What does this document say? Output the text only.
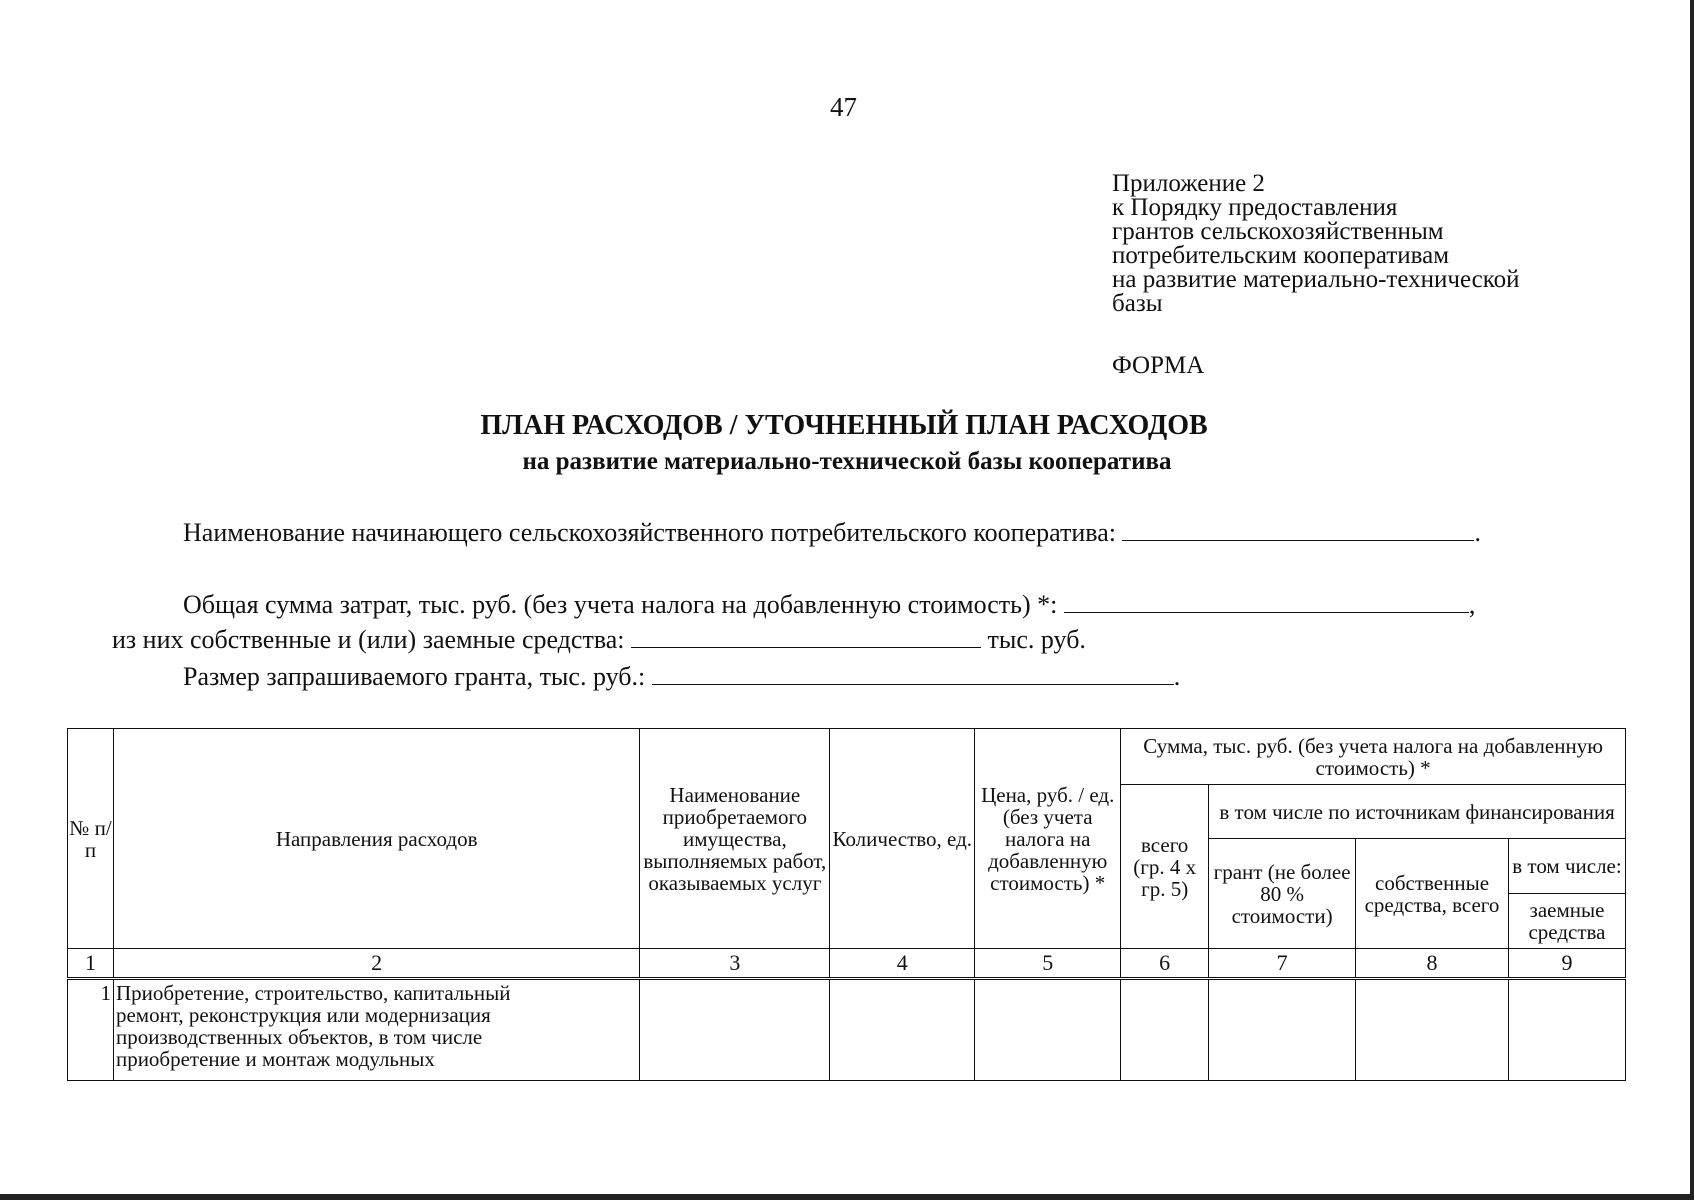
47
Приложение 2
к Порядку предоставления
грантов сельскохозяйственным
потребительским кооперативам
на развитие материально-технической
базы
ФОРМА
ПЛАН РАСХОДОВ / УТОЧНЕННЫЙ ПЛАН РАСХОДОВ
на развитие материально-технической базы кооператива
Наименование начинающего сельскохозяйственного потребительского кооператива:	.
Общая сумма затрат, тыс. руб. (без учета налога на добавленную стоимость) *:	,
из них собственные и (или) заемные средства:	тыс. руб.
Размер запрашиваемого гранта, тыс. руб.:	.
№ п/п	Направления расходов	Наименование приобретаемого имущества, выполняемых работ, оказываемых услуг	Количество, ед.	Цена, руб. / ед. (без учета налога на добавленную стоимость) *	Сумма, тыс. руб. (без учета налога на добавленную стоимость) *			
					всего (гр. 4 х гр. 5)	в том числе по источникам финансирования		
						грант (не более 80 % стоимости)	собственные средства, всего	в том числе:
								заемные средства
1	2	3	4	5	6	7	8	9
1	Приобретение, строительство, капитальный
ремонт, реконструкция или модернизация
производственных объектов, в том числе
приобретение и монтаж модульных							
